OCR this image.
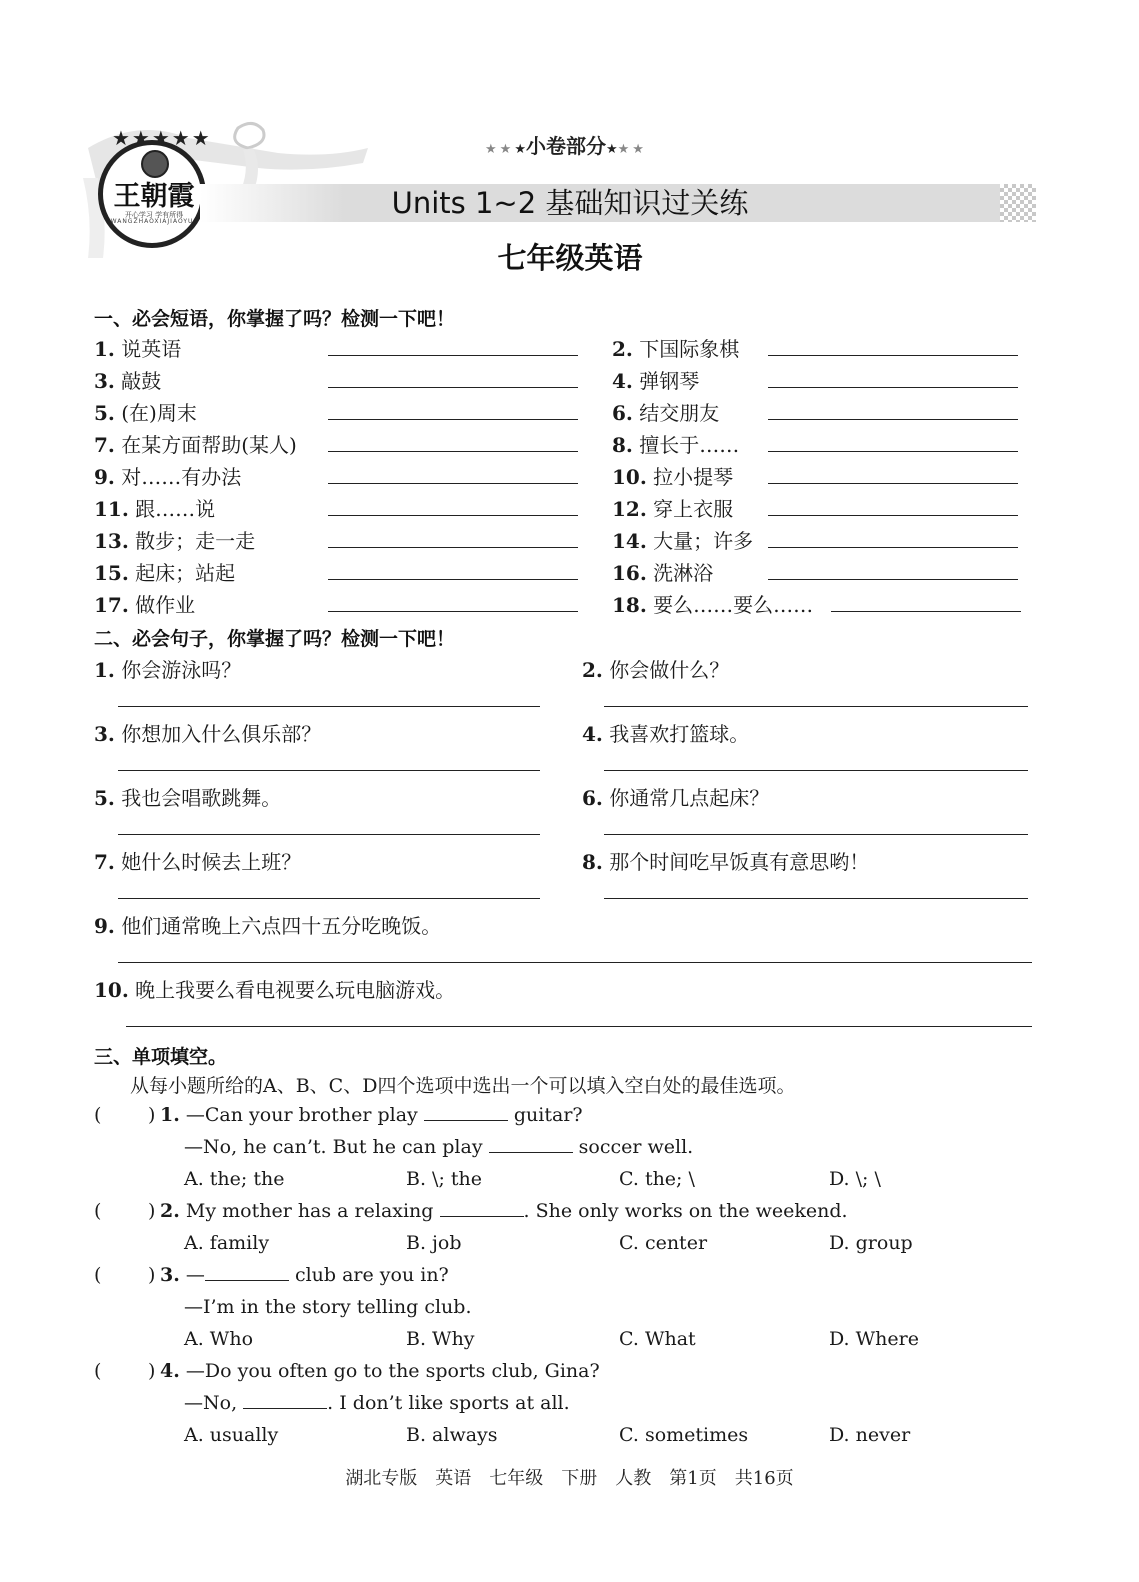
★★★★★
王朝霞
开心学习 学有所得
WANGZHAOXIAJIAOYU
★★★小卷部分★★★
Units 1~2 基础知识过关练
七年级英语
一、必会短语，你掌握了吗？检测一下吧！
1. 说英语	2. 下国际象棋
3. 敲鼓	4. 弹钢琴
5. (在)周末	6. 结交朋友
7. 在某方面帮助(某人)	8. 擅长于……
9. 对……有办法	10. 拉小提琴
11. 跟……说	12. 穿上衣服
13. 散步；走一走	14. 大量；许多
15. 起床；站起	16. 洗淋浴
17. 做作业	18. 要么……要么……
二、必会句子，你掌握了吗？检测一下吧！
1. 你会游泳吗？	2. 你会做什么？
3. 你想加入什么俱乐部？	4. 我喜欢打篮球。
5. 我也会唱歌跳舞。	6. 你通常几点起床？
7. 她什么时候去上班？	8. 那个时间吃早饭真有意思哟！
9. 他们通常晚上六点四十五分吃晚饭。
10. 晚上我要么看电视要么玩电脑游戏。
三、单项填空。
从每小题所给的A、B、C、D四个选项中选出一个可以填入空白处的最佳选项。
( ) 1. —Can your brother play	guitar?
—No, he can’t. But he can play	soccer well.
A. the; the	B. \; the	C. the; \	D. \; \
( ) 2. My mother has a relaxing	. She only works on the weekend.
A. family	B. job	C. center	D. group
( ) 3. —	club are you in?
—I’m in the story telling club.
A. Who	B. Why	C. What	D. Where
( ) 4. —Do you often go to the sports club, Gina?
—No,	. I don’t like sports at all.
A. usually	B. always	C. sometimes	D. never
湖北专版　英语　七年级　下册　人教　第1页　共16页
